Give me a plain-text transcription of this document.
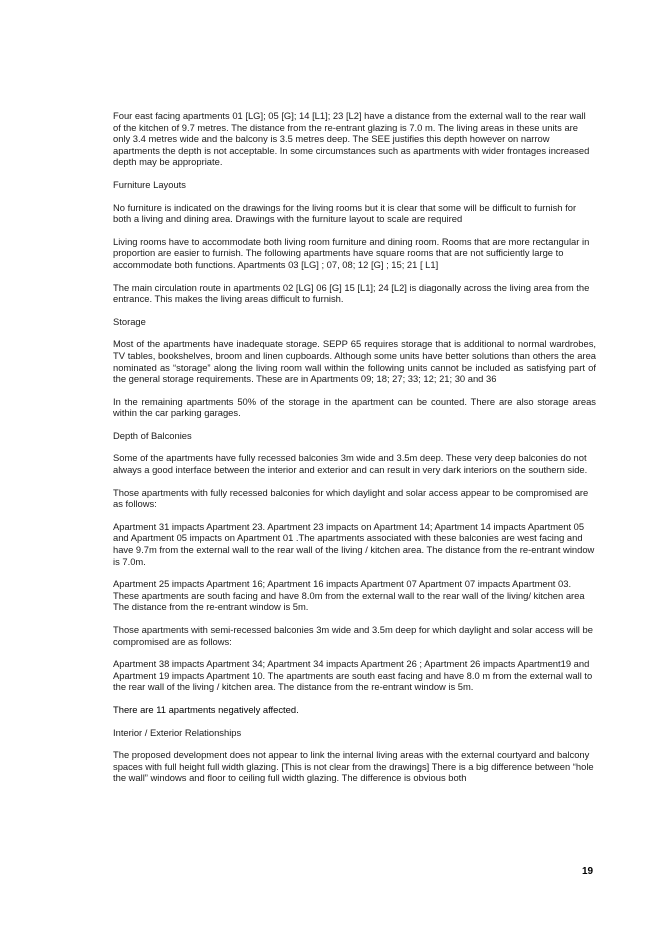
Four east facing apartments 01 [LG]; 05 [G]; 14 [L1]; 23 [L2] have a distance from the external wall to the rear wall of the kitchen of 9.7 metres. The distance from the re-entrant glazing is 7.0 m. The living areas in these units are only 3.4 metres wide and the balcony is 3.5 metres deep. The SEE justifies this depth however on narrow apartments the depth is not acceptable. In some circumstances such as apartments with wider frontages increased depth may be appropriate.

Furniture Layouts

No furniture is indicated on the drawings for the living rooms but it is clear that some will be difficult to furnish for both a living and dining area. Drawings with the furniture layout to scale are required

Living rooms have to accommodate both living room furniture and dining room. Rooms that are more rectangular in proportion are easier to furnish. The following apartments have square rooms that are not sufficiently large to accommodate both functions. Apartments 03 [LG] ; 07, 08; 12 [G] ; 15; 21 [ L1]

The main circulation route in apartments 02 [LG] 06 [G] 15 [L1]; 24 [L2] is diagonally across the living area from the entrance. This makes the living areas difficult to furnish.

Storage

Most of the apartments have inadequate storage. SEPP 65 requires storage that is additional to normal wardrobes, TV tables, bookshelves, broom and linen cupboards. Although some units have better solutions than others the area nominated as “storage” along the living room wall within the following units cannot be included as satisfying part of the general storage requirements. These are in Apartments 09; 18; 27; 33; 12; 21; 30 and 36

In the remaining apartments 50% of the storage in the apartment can be counted. There are also storage areas within the car parking garages.

Depth of Balconies

Some of the apartments have fully recessed balconies 3m wide and 3.5m deep. These very deep balconies do not always a good interface between the interior and exterior and can result in very dark interiors on the southern side.

Those apartments with fully recessed balconies for which daylight and solar access appear to be compromised are as follows:

Apartment 31 impacts Apartment 23. Apartment 23 impacts on Apartment 14; Apartment 14 impacts Apartment 05 and Apartment 05 impacts on Apartment 01 .The apartments associated with these balconies are west facing and have 9.7m from the external wall to the rear wall of the living / kitchen area. The distance from the re-entrant window is 7.0m.

Apartment 25 impacts Apartment 16; Apartment 16 impacts Apartment 07 Apartment 07 impacts Apartment 03. These apartments are south facing and have 8.0m from the external wall to the rear wall of the living/ kitchen area The distance from the re-entrant window is 5m.

Those apartments with semi-recessed balconies 3m wide and 3.5m deep for which daylight and solar access will be compromised are as follows:

Apartment 38 impacts Apartment 34; Apartment 34 impacts Apartment 26 ; Apartment 26 impacts Apartment19 and Apartment 19 impacts Apartment 10. The apartments are south east facing and have 8.0 m from the external wall to the rear wall of the living / kitchen area. The distance from the re-entrant window is 5m.

There are 11 apartments negatively affected.

Interior / Exterior Relationships

The proposed development does not appear to link the internal living areas with the external courtyard and balcony spaces with full height full width glazing. [This is not clear from the drawings] There is a big difference between “hole the wall” windows and floor to ceiling full width glazing. The difference is obvious both

19
